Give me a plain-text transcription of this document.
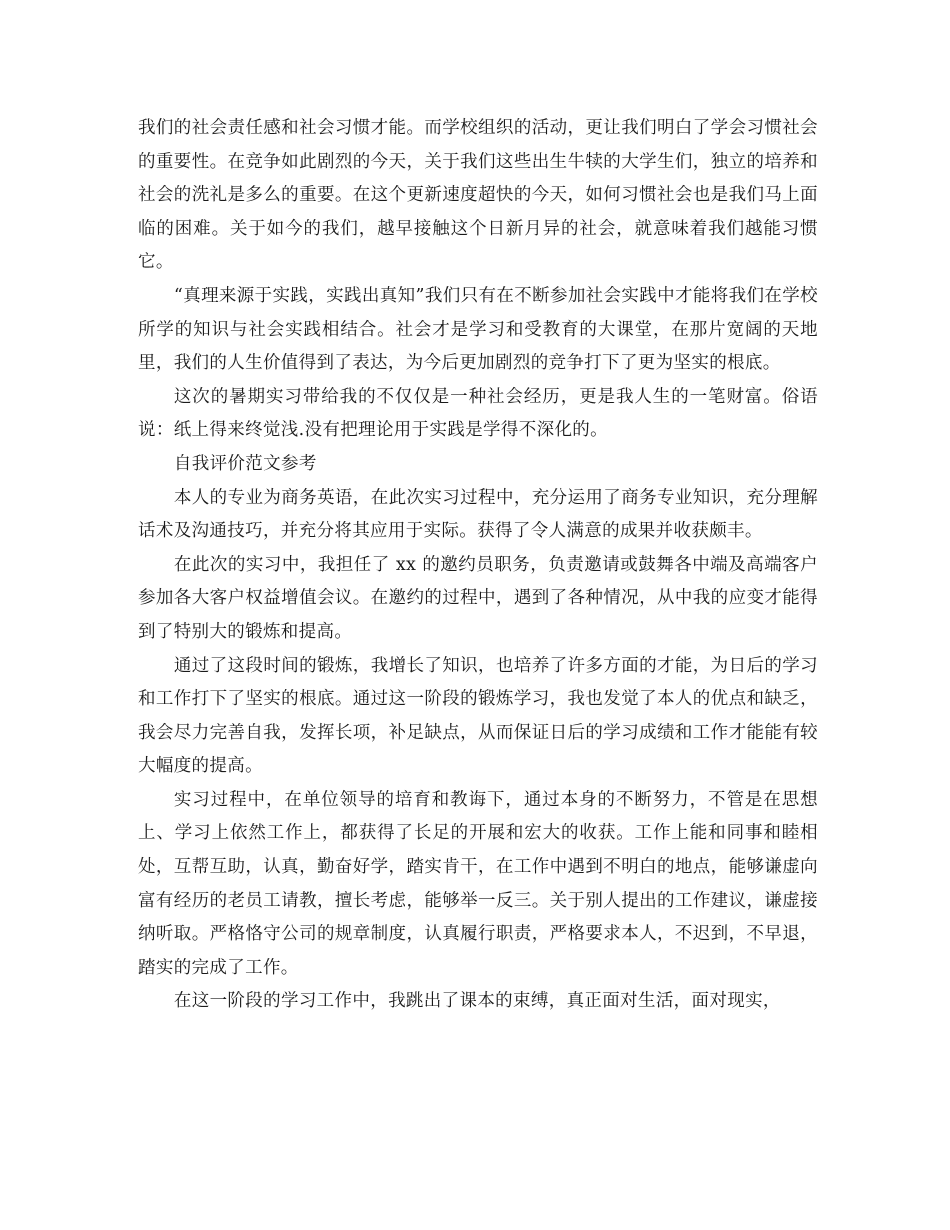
我们的社会责任感和社会习惯才能。而学校组织的活动，更让我们明白了学会习惯社会的重要性。在竞争如此剧烈的今天，关于我们这些出生牛犊的大学生们，独立的培养和社会的洗礼是多么的重要。在这个更新速度超快的今天，如何习惯社会也是我们马上面临的困难。关于如今的我们，越早接触这个日新月异的社会，就意味着我们越能习惯它。

“真理来源于实践，实践出真知”我们只有在不断参加社会实践中才能将我们在学校所学的知识与社会实践相结合。社会才是学习和受教育的大课堂，在那片宽阔的天地里，我们的人生价值得到了表达，为今后更加剧烈的竞争打下了更为坚实的根底。

这次的暑期实习带给我的不仅仅是一种社会经历，更是我人生的一笔财富。俗语说：纸上得来终觉浅.没有把理论用于实践是学得不深化的。

自我评价范文参考

本人的专业为商务英语，在此次实习过程中，充分运用了商务专业知识，充分理解话术及沟通技巧，并充分将其应用于实际。获得了令人满意的成果并收获颇丰。

在此次的实习中，我担任了 xx 的邀约员职务，负责邀请或鼓舞各中端及高端客户参加各大客户权益增值会议。在邀约的过程中，遇到了各种情况，从中我的应变才能得到了特别大的锻炼和提高。

通过了这段时间的锻炼，我增长了知识，也培养了许多方面的才能，为日后的学习和工作打下了坚实的根底。通过这一阶段的锻炼学习，我也发觉了本人的优点和缺乏，我会尽力完善自我，发挥长项，补足缺点，从而保证日后的学习成绩和工作才能能有较大幅度的提高。

实习过程中，在单位领导的培育和教诲下，通过本身的不断努力，不管是在思想上、学习上依然工作上，都获得了长足的开展和宏大的收获。工作上能和同事和睦相处，互帮互助，认真，勤奋好学，踏实肯干，在工作中遇到不明白的地点，能够谦虚向富有经历的老员工请教，擅长考虑，能够举一反三。关于别人提出的工作建议，谦虚接纳听取。严格恪守公司的规章制度，认真履行职责，严格要求本人，不迟到，不早退，踏实的完成了工作。

在这一阶段的学习工作中，我跳出了课本的束缚，真正面对生活，面对现实，
